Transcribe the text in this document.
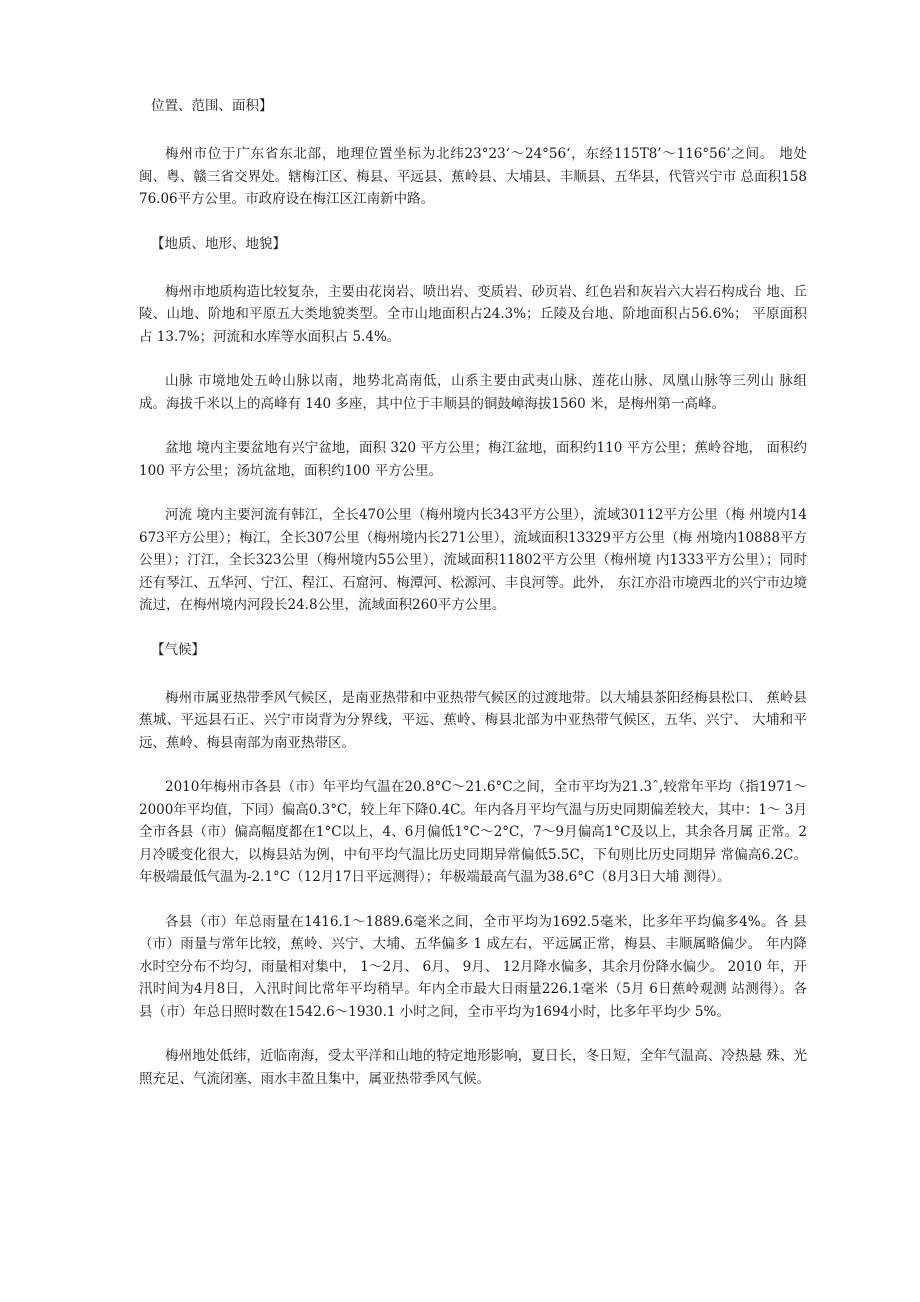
位置、范围、面积】

梅州市位于广东省东北部，地理位置坐标为北纬23°23‘〜24°56‘，东经115T8’〜116°56’之间。 地处闽、粤、赣三省交界处。辖梅江区、梅县、平远县、蕉岭县、大埔县、丰顺县、五华县，代管兴宁市 总面积15876.06平方公里。市政府设在梅江区江南新中路。

【地质、地形、地貌】

梅州市地质构造比较复杂，主要由花岗岩、喷出岩、变质岩、砂页岩、红色岩和灰岩六大岩石构成台 地、丘陵、山地、阶地和平原五大类地貌类型。全市山地面积占24.3%；丘陵及台地、阶地面积占56.6%； 平原面积占 13.7%；河流和水库等水面积占 5.4%。

山脉 市境地处五岭山脉以南，地势北高南低，山系主要由武夷山脉、莲花山脉、凤凰山脉等三列山 脉组成。海拔千米以上的高峰有 140 多座，其中位于丰顺县的铜鼓嶂海拔1560 米，是梅州第一高峰。

盆地 境内主要盆地有兴宁盆地，面积 320 平方公里；梅江盆地，面积约110 平方公里；蕉岭谷地， 面积约100 平方公里；汤坑盆地，面积约100 平方公里。

河流 境内主要河流有韩江，全长470公里（梅州境内长343平方公里），流域30112平方公里（梅 州境内14673平方公里）；梅江，全长307公里（梅州境内长271公里），流域面积13329平方公里（梅 州境内10888平方公里）；汀江，全长323公里（梅州境内55公里），流域面积11802平方公里（梅州境 内1333平方公里）；同时还有琴江、五华河、宁江、程江、石窟河、梅潭河、松源河、丰良河等。此外， 东江亦沿市境西北的兴宁市边境流过，在梅州境内河段长24.8公里，流域面积260平方公里。

【气候】

梅州市属亚热带季风气候区，是南亚热带和中亚热带气候区的过渡地带。以大埔县茶阳经梅县松口、 蕉岭县蕉城、平远县石正、兴宁市岗背为分界线，平远、蕉岭、梅县北部为中亚热带气候区，五华、兴宁、 大埔和平远、蕉岭、梅县南部为南亚热带区。

2010年梅州市各县（市）年平均气温在20.8°C〜21.6°C之间，全市平均为21.3ˆ,较常年平均（指1971〜 2000年平均值，下同）偏高0.3°C，较上年下降0.4C。年内各月平均气温与历史同期偏差较大，其中：1〜 3月全市各县（市）偏高幅度都在1°C以上，4、6月偏低1°C〜2°C，7〜9月偏高1°C及以上，其余各月属 正常。2月冷暖变化很大，以梅县站为例，中旬平均气温比历史同期异常偏低5.5C，下旬则比历史同期异 常偏高6.2C。年极端最低气温为-2.1°C（12月17日平远测得）；年极端最高气温为38.6°C（8月3日大埔 测得）。

各县（市）年总雨量在1416.1〜1889.6毫米之间，全市平均为1692.5毫米，比多年平均偏多4%。各 县（市）雨量与常年比较，蕉岭、兴宁、大埔、五华偏多 1 成左右，平远属正常，梅县、丰顺属略偏少。 年内降水时空分布不均匀，雨量相对集中， 1〜2月、 6月、 9月、 12月降水偏多，其余月份降水偏少。 2010 年，开汛时间为4月8日，入汛时间比常年平均稍早。年内全市最大日雨量226.1毫米（5月 6日蕉岭观测 站测得）。各县（市）年总日照时数在1542.6〜1930.1 小时之间，全市平均为1694小时，比多年平均少 5%。

梅州地处低纬，近临南海，受太平洋和山地的特定地形影响，夏日长，冬日短，全年气温高、冷热悬 殊、光照充足、气流闭塞、雨水丰盈且集中，属亚热带季风气候。
